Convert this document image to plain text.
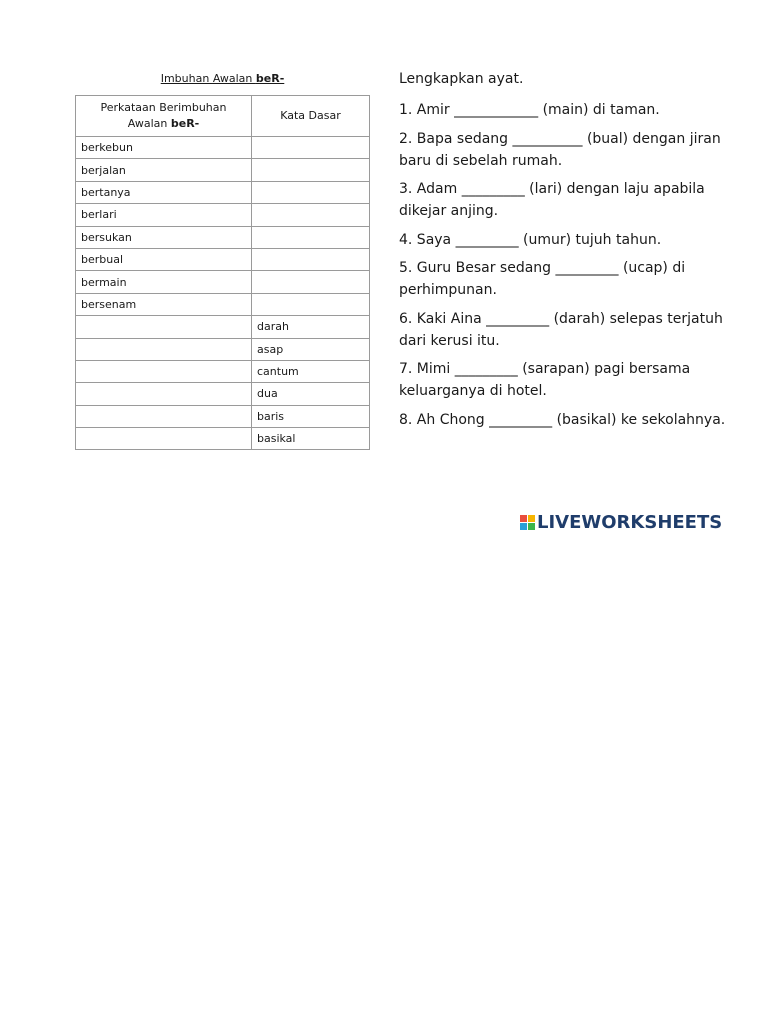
Imbuhan Awalan beR-
Perkataan Berimbuhan
Awalan beR-	Kata Dasar
berkebun	
berjalan	
bertanya	
berlari	
bersukan	
berbual	
bermain	
bersenam	
	darah
	asap
	cantum
	dua
	baris
	basikal
Lengkapkan ayat.
1. Amir ____________ (main) di taman.
2. Bapa sedang __________ (bual) dengan jiran baru di sebelah rumah.
3. Adam _________ (lari) dengan laju apabila dikejar anjing.
4. Saya _________ (umur) tujuh tahun.
5. Guru Besar sedang _________ (ucap) di perhimpunan.
6. Kaki Aina _________ (darah) selepas terjatuh dari kerusi itu.
7. Mimi _________ (sarapan) pagi bersama keluarganya di hotel.
8. Ah Chong _________ (basikal) ke sekolahnya.
LIVEWORKSHEETS
